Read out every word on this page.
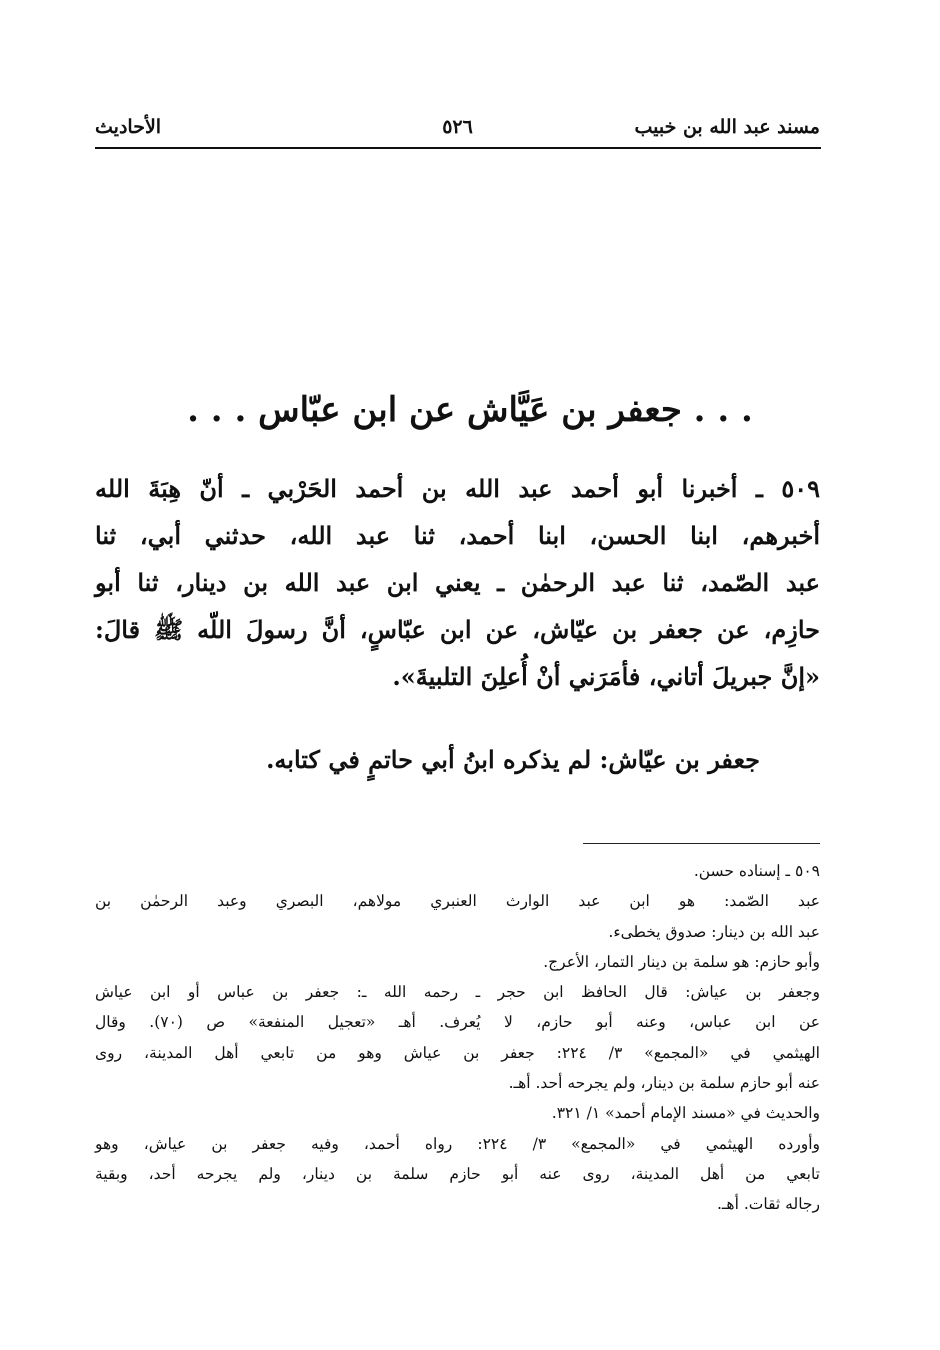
مسند عبد الله بن خبيب
٥٢٦
الأحاديث
. . . جعفر بن عَيَّاش عن ابن عبّاس . . .
٥٠٩ ـ أخبرنا أبو أحمد عبد الله بن أحمد الحَرْبي ـ أنّ هِبَةَ الله
أخبرهم، ابنا الحسن، ابنا أحمد، ثنا عبد الله، حدثني أبي، ثنا
عبد الصّمد، ثنا عبد الرحمٰن ـ يعني ابن عبد الله بن دينار، ثنا أبو
حازِم، عن جعفر بن عيّاش، عن ابن عبّاسٍ، أنَّ رسولَ اللّه ﷺ قالَ:
«إنَّ جبريلَ أتاني، فأمَرَني أنْ أُعلِنَ التلبيةَ».
جعفر بن عيّاش: لم يذكره ابنُ أبي حاتمٍ في كتابه.
٥٠٩ ـ إسناده حسن.
عبد الصّمد: هو ابن عبد الوارث العنبري مولاهم، البصري وعبد الرحمٰن بن
عبد الله بن دينار: صدوق يخطىء.
وأبو حازم: هو سلمة بن دينار التمار، الأعرج.
وجعفر بن عياش: قال الحافظ ابن حجر ـ رحمه الله ـ: جعفر بن عباس أو ابن عياش
عن ابن عباس، وعنه أبو حازم، لا يُعرف. أهـ «تعجيل المنفعة» ص (٧٠). وقال
الهيثمي في «المجمع» ٣/ ٢٢٤: جعفر بن عياش وهو من تابعي أهل المدينة، روى
عنه أبو حازم سلمة بن دينار، ولم يجرحه أحد. أهـ.
والحديث في «مسند الإمام أحمد» ١/ ٣٢١.
وأورده الهيثمي في «المجمع» ٣/ ٢٢٤: رواه أحمد، وفيه جعفر بن عياش، وهو
تابعي من أهل المدينة، روى عنه أبو حازم سلمة بن دينار، ولم يجرحه أحد، وبقية
رجاله ثقات. أهـ.
